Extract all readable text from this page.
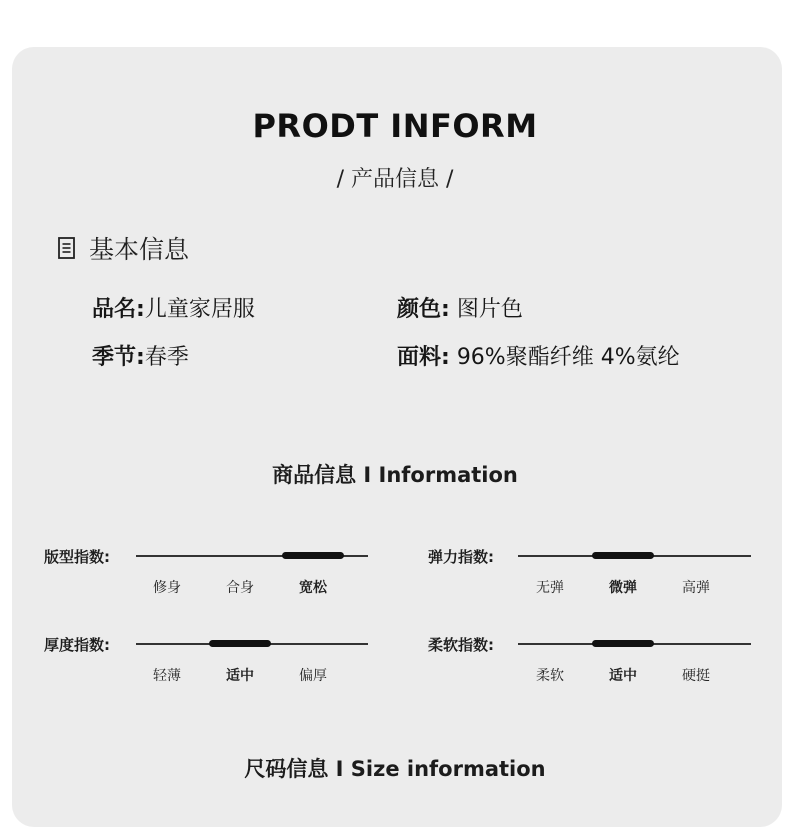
PRODT INFORM
/ 产品信息 /
基本信息
品名:儿童家居服	颜色: 图片色
季节:春季	面料: 96%聚酯纤维 4%氨纶
商品信息 I Information
版型指数:
修身	合身	宽松
弹力指数:
无弹	微弹	高弹
厚度指数:
轻薄	适中	偏厚
柔软指数:
柔软	适中	硬挺
尺码信息 I Size information
